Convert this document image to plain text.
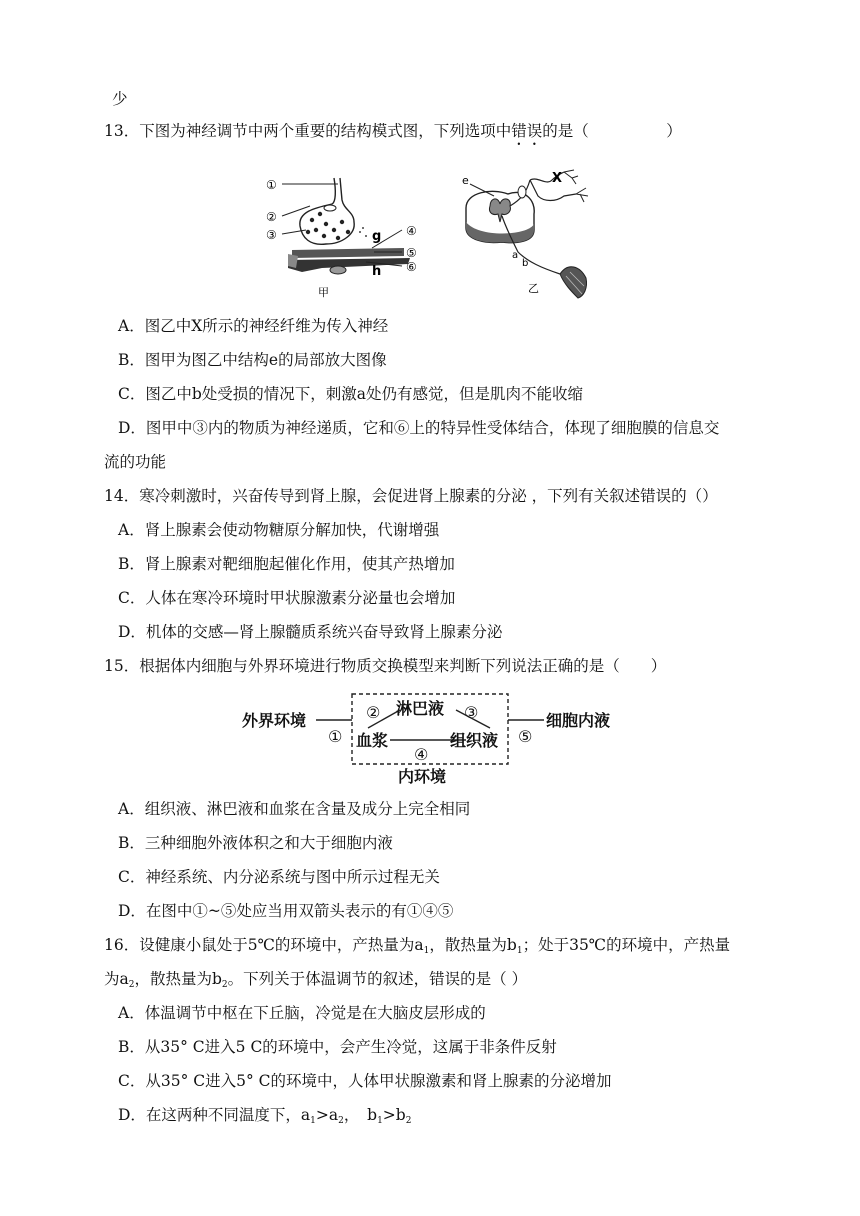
少
13．下图为神经调节中两个重要的结构模式图，下列选项中错误的是（　　　　　）
①
②
③	④
⑤
⑥
g
h
甲
e	X
a
b
乙
A．图乙中X所示的神经纤维为传入神经
B．图甲为图乙中结构e的局部放大图像
C．图乙中b处受损的情况下，刺激a处仍有感觉，但是肌肉不能收缩
D．图甲中③内的物质为神经递质，它和⑥上的特异性受体结合，体现了细胞膜的信息交
流的功能
14．寒冷刺激时，兴奋传导到肾上腺，会促进肾上腺素的分泌 ，下列有关叙述错误的（）
A．肾上腺素会使动物糖原分解加快，代谢增强
B．肾上腺素对靶细胞起催化作用，使其产热增加
C．人体在寒冷环境时甲状腺激素分泌量也会增加
D．机体的交感—肾上腺髓质系统兴奋导致肾上腺素分泌
15．根据体内细胞与外界环境进行物质交换模型来判断下列说法正确的是（　　）
外界环境
淋巴液
血浆	组织液
细胞内液
内环境
①
②	③
④
⑤
A．组织液、淋巴液和血浆在含量及成分上完全相同
B．三种细胞外液体积之和大于细胞内液
C．神经系统、内分泌系统与图中所示过程无关
D．在图中①~⑤处应当用双箭头表示的有①④⑤
16．设健康小鼠处于5℃的环境中，产热量为$a_1$，散热量为$b_1$；处于35℃的环境中，产热量
为$a_2$，散热量为$b_2$。下列关于体温调节的叙述，错误的是（ ）
A．体温调节中枢在下丘脑，冷觉是在大脑皮层形成的
B．从35° C进入5 C的环境中，会产生冷觉，这属于非条件反射
C．从35° C进入5° C的环境中，人体甲状腺激素和肾上腺素的分泌增加
D．在这两种不同温度下，$a_1>a_2$，　$b_1>b_2$
